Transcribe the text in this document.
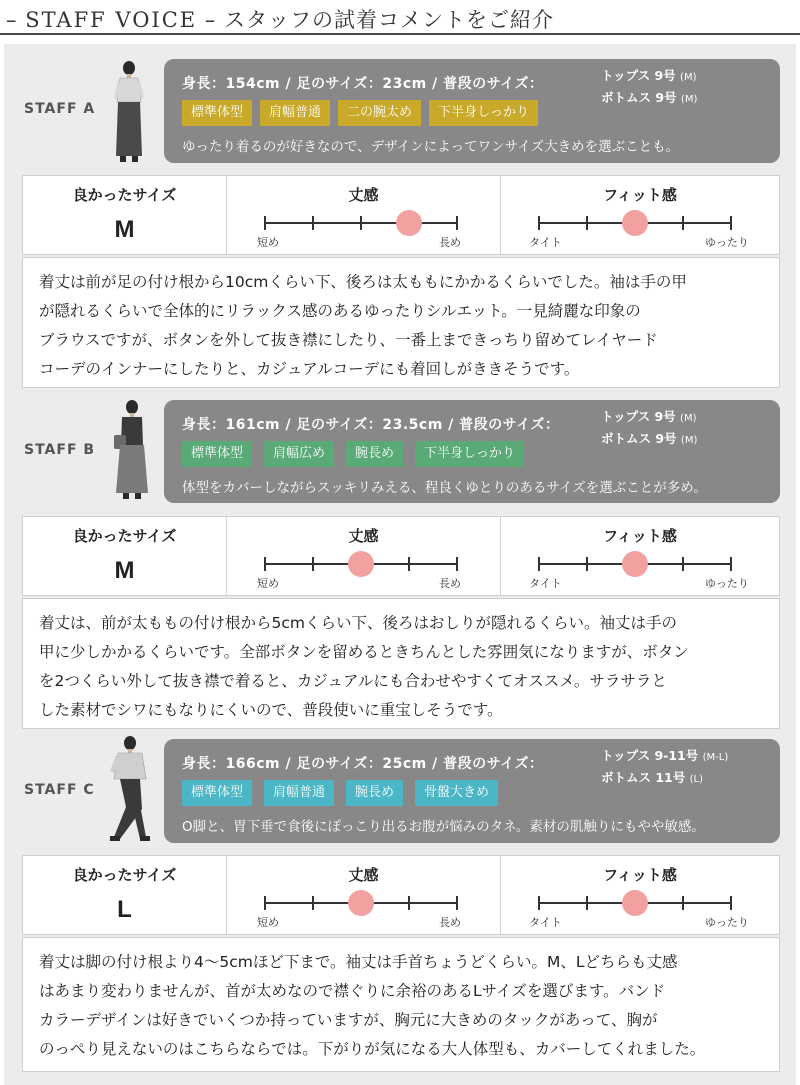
– STAFF VOICE – スタッフの試着コメントをご紹介
STAFF A
身長：154cm / 足のサイズ：23cm / 普段のサイズ：
トップス 9号 (M)
ボトムス 9号 (M)
標準体型	肩幅普通	二の腕太め	下半身しっかり
ゆったり着るのが好きなので、デザインによってワンサイズ大きめを選ぶことも。
良かったサイズ
M
丈感
短め	長め
フィット感
タイト	ゆったり

着丈は前が足の付け根から10cmくらい下、後ろは太ももにかかるくらいでした。袖は手の甲
が隠れるくらいで全体的にリラックス感のあるゆったりシルエット。一見綺麗な印象の
ブラウスですが、ボタンを外して抜き襟にしたり、一番上まできっちり留めてレイヤード
コーデのインナーにしたりと、カジュアルコーデにも着回しがききそうです。

STAFF B
身長：161cm / 足のサイズ：23.5cm / 普段のサイズ：
トップス 9号 (M)
ボトムス 9号 (M)
標準体型	肩幅広め	腕長め	下半身しっかり
体型をカバーしながらスッキリみえる、程良くゆとりのあるサイズを選ぶことが多め。
良かったサイズ
M
丈感
短め	長め
フィット感
タイト	ゆったり

着丈は、前が太ももの付け根から5cmくらい下、後ろはおしりが隠れるくらい。袖丈は手の
甲に少しかかるくらいです。全部ボタンを留めるときちんとした雰囲気になりますが、ボタン
を2つくらい外して抜き襟で着ると、カジュアルにも合わせやすくてオススメ。サラサラと
した素材でシワにもなりにくいので、普段使いに重宝しそうです。

STAFF C
身長：166cm / 足のサイズ：25cm / 普段のサイズ：
トップス 9-11号 (M-L)
ボトムス 11号 (L)
標準体型	肩幅普通	腕長め	骨盤大きめ
O脚と、胃下垂で食後にぽっこり出るお腹が悩みのタネ。素材の肌触りにもやや敏感。
良かったサイズ
L
丈感
短め	長め
フィット感
タイト	ゆったり

着丈は脚の付け根より4〜5cmほど下まで。袖丈は手首ちょうどくらい。M、Lどちらも丈感
はあまり変わりませんが、首が太めなので襟ぐりに余裕のあるLサイズを選びます。バンド
カラーデザインは好きでいくつか持っていますが、胸元に大きめのタックがあって、胸が
のっぺり見えないのはこちらならでは。下がりが気になる大人体型も、カバーしてくれました。
